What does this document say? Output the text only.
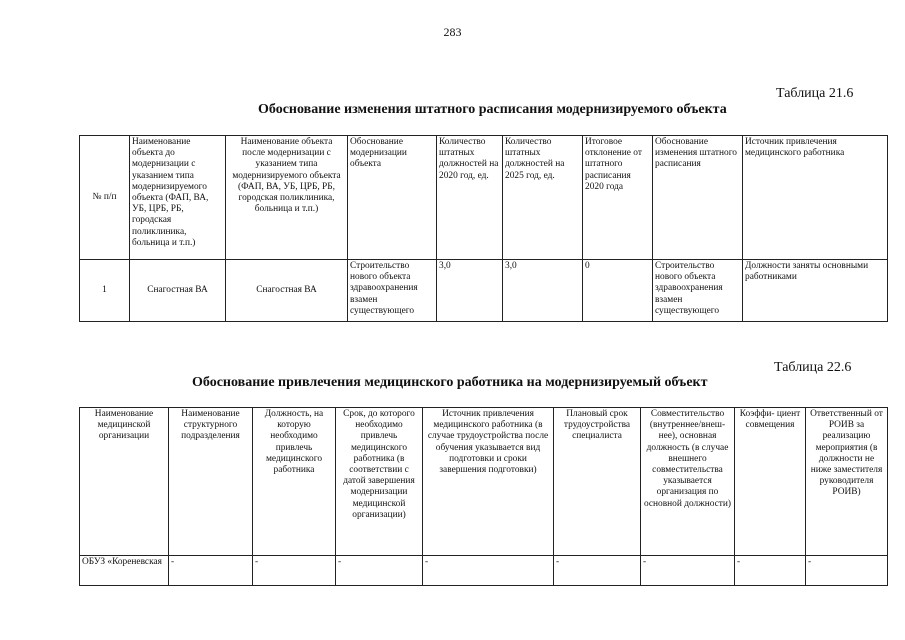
283
Таблица 21.6
Обоснование изменения штатного расписания модернизируемого объекта
№ п/п	Наименование объекта до модернизации с указанием типа модернизируемого объекта (ФАП, ВА, УБ, ЦРБ, РБ, городская поликлиника, больница и т.п.)	Наименование объекта после модернизации с указанием типа модернизируемого объекта (ФАП, ВА, УБ, ЦРБ, РБ, городская поликлиника, больница и т.п.)	Обоснование модернизации объекта	Количество штатных должностей на 2020 год, ед.	Количество штатных должностей на 2025 год, ед.	Итоговое отклонение от штатного расписания 2020 года	Обоснование изменения штатного расписания	Источник привлечения медицинского работника
1	Снагостная ВА	Снагостная ВА	Строительство нового объекта здравоохранения взамен существующего	3,0	3,0	0	Строительство нового объекта здравоохранения взамен существующего	Должности заняты основными работниками
Таблица 22.6
Обоснование привлечения медицинского работника на модернизируемый объект
Наименование медицинской организации	Наименование структурного подразделения	Должность, на которую необходимо привлечь медицинского работника	Срок, до которого необходимо привлечь медицинского работника (в соответствии с датой завершения модернизации медицинской организации)	Источник привлечения медицинского работника (в случае трудоустройства после обучения указывается вид подготовки и сроки завершения подготовки)	Плановый срок трудоустройства специалиста	Совместительство (внутреннее/внеш- нее), основная должность (в случае внешнего совместительства указывается организация по основной должности)	Коэффи- циент совмещения	Ответственный от РОИВ за реализацию мероприятия (в должности не ниже заместителя руководителя РОИВ)

ОБУЗ «Кореневская	-	-	-	-	-	-	-	-
